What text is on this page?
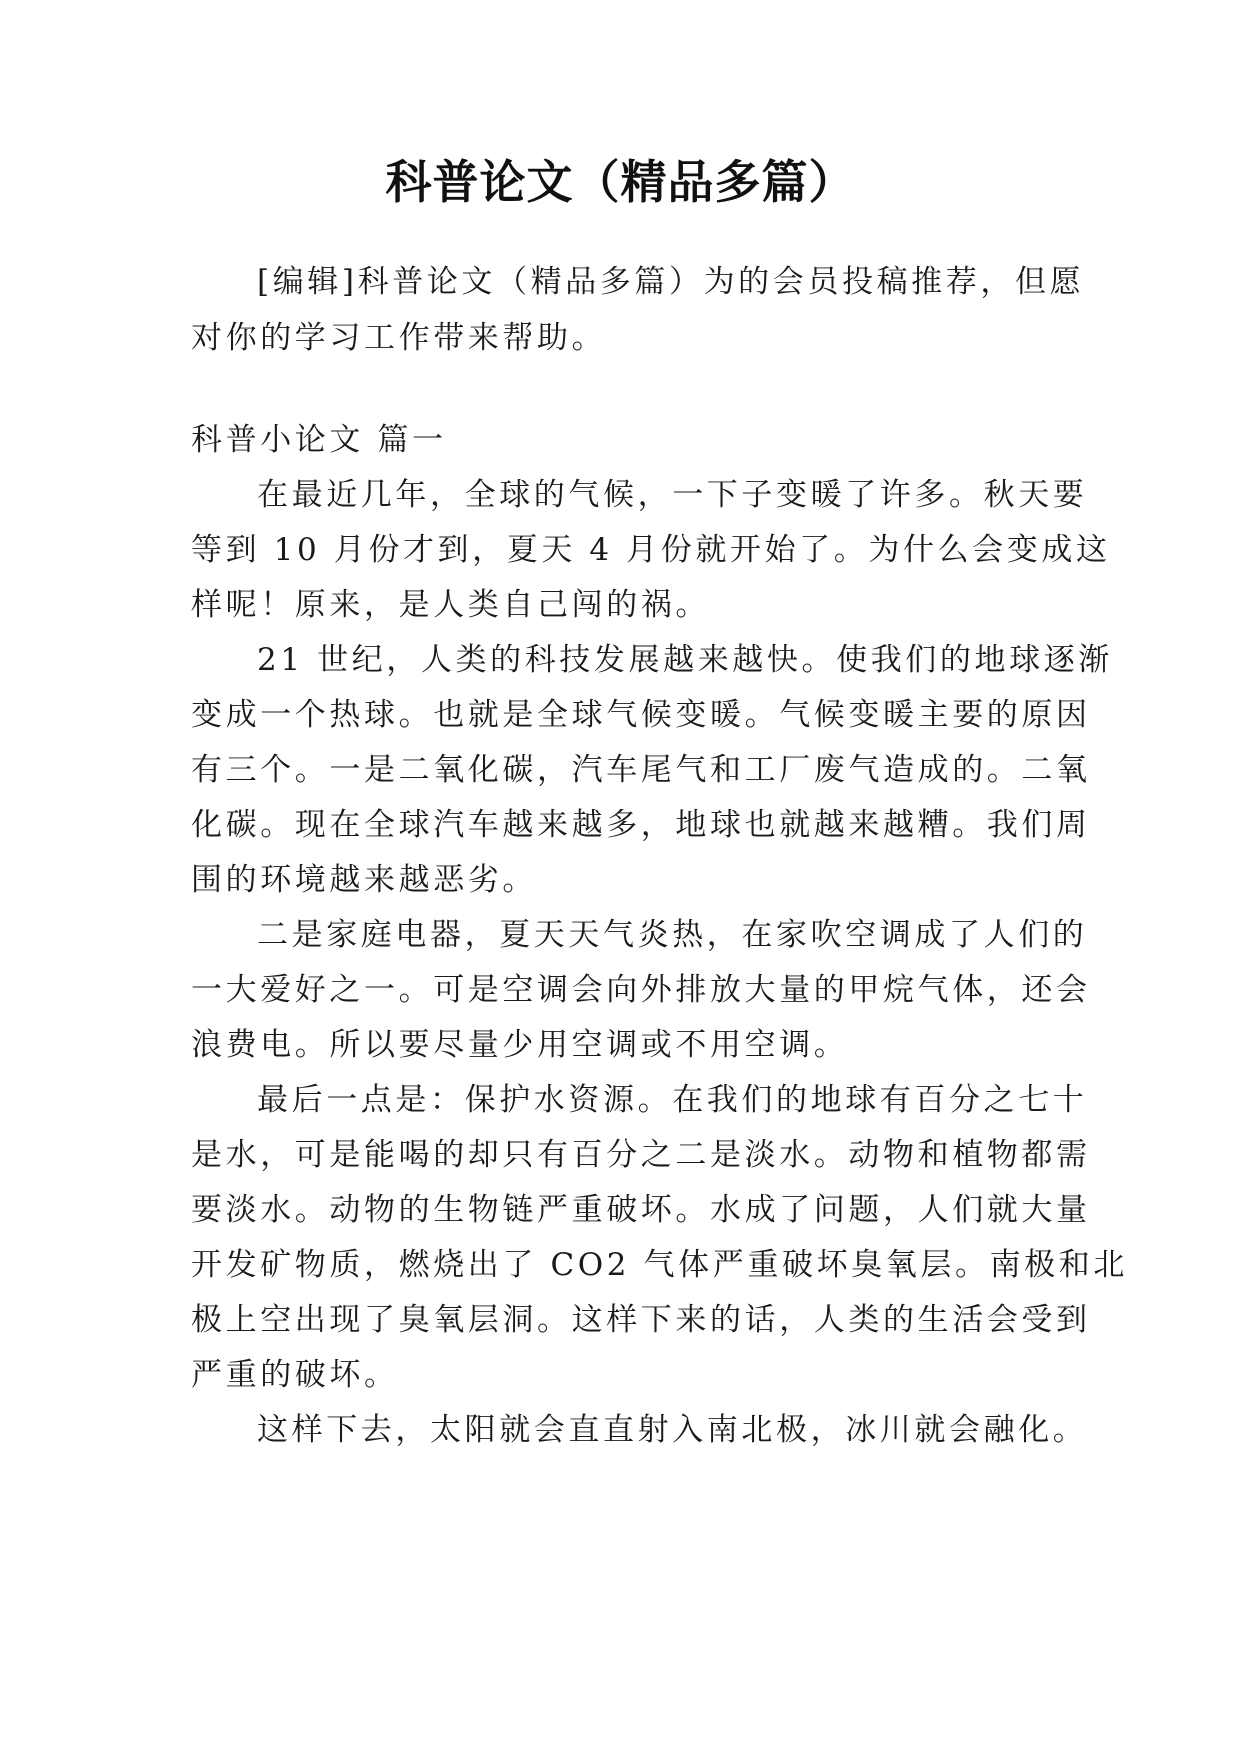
科普论文（精品多篇）
[编辑]科普论文（精品多篇）为的会员投稿推荐，但愿
对你的学习工作带来帮助。
科普小论文 篇一
在最近几年，全球的气候，一下子变暖了许多。秋天要
等到 10 月份才到，夏天 4 月份就开始了。为什么会变成这
样呢！原来，是人类自己闯的祸。
21 世纪，人类的科技发展越来越快。使我们的地球逐渐
变成一个热球。也就是全球气候变暖。气候变暖主要的原因
有三个。一是二氧化碳，汽车尾气和工厂废气造成的。二氧
化碳。现在全球汽车越来越多，地球也就越来越糟。我们周
围的环境越来越恶劣。
二是家庭电器，夏天天气炎热，在家吹空调成了人们的
一大爱好之一。可是空调会向外排放大量的甲烷气体，还会
浪费电。所以要尽量少用空调或不用空调。
最后一点是：保护水资源。在我们的地球有百分之七十
是水，可是能喝的却只有百分之二是淡水。动物和植物都需
要淡水。动物的生物链严重破坏。水成了问题，人们就大量
开发矿物质，燃烧出了 CO2 气体严重破坏臭氧层。南极和北
极上空出现了臭氧层洞。这样下来的话，人类的生活会受到
严重的破坏。
这样下去，太阳就会直直射入南北极，冰川就会融化。
